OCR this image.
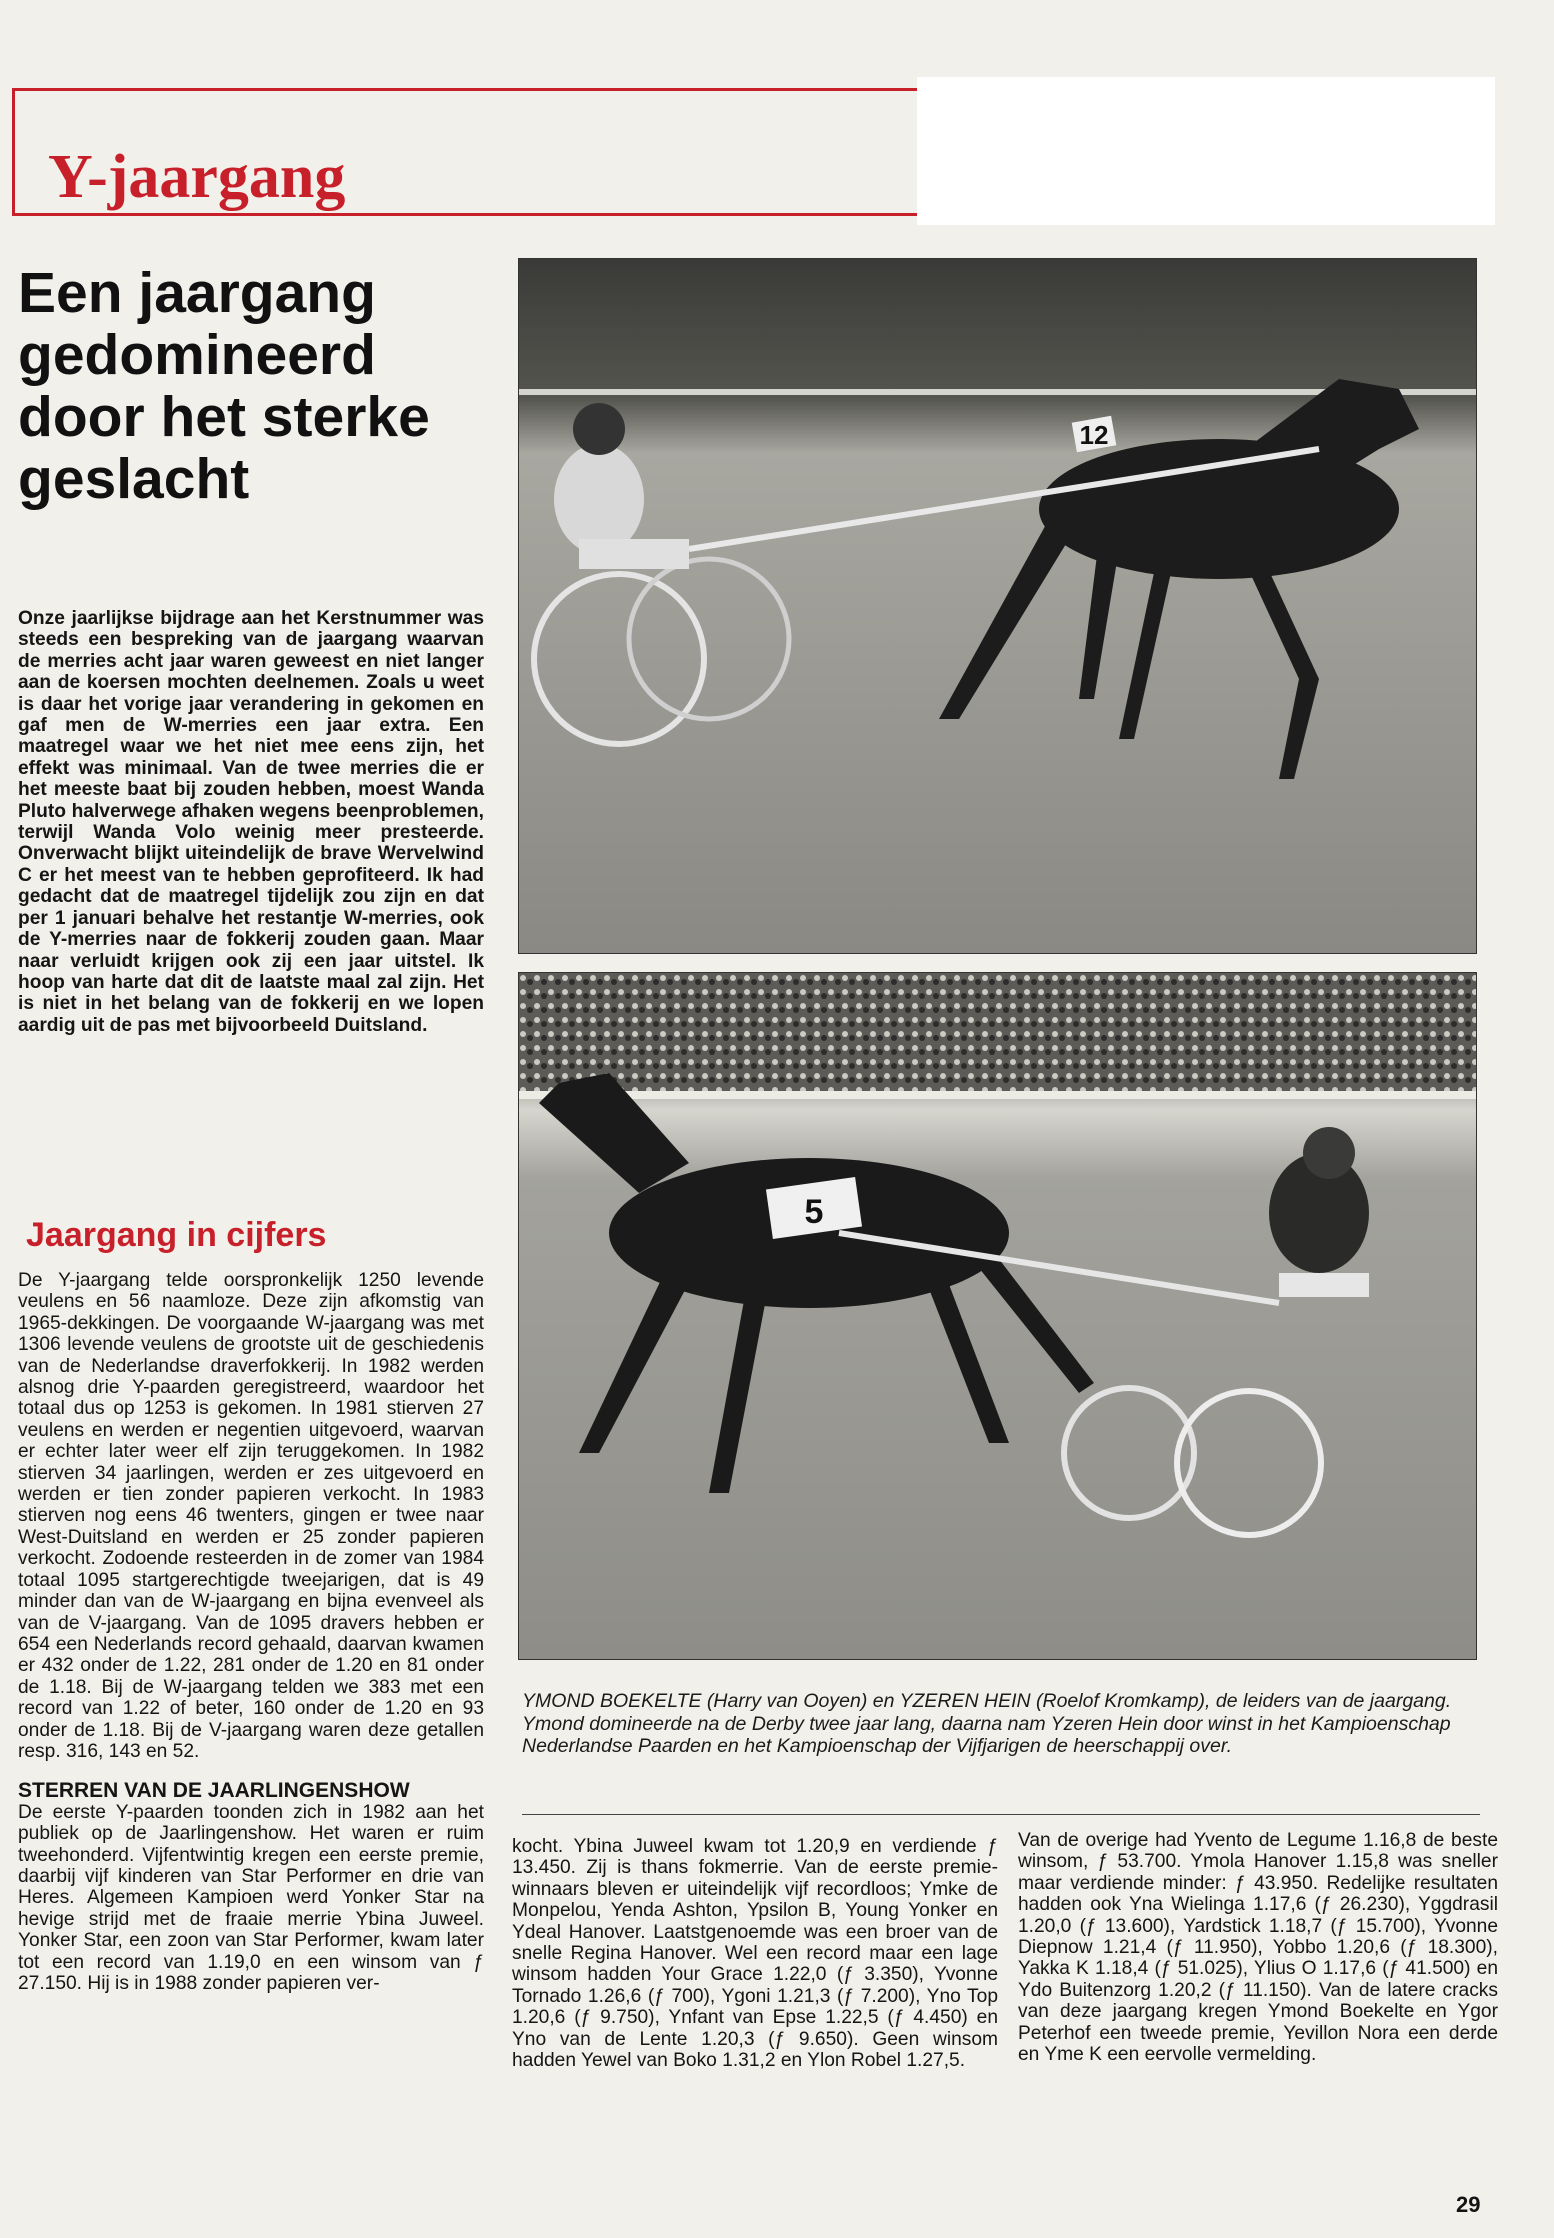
Y-jaargang
Een jaargang gedomineerd door het sterke geslacht

Onze jaarlijkse bijdrage aan het Kerstnummer was steeds een bespreking van de jaargang waarvan de merries acht jaar waren geweest en niet langer aan de koersen mochten deelnemen. Zoals u weet is daar het vorige jaar verandering in gekomen en gaf men de W-merries een jaar extra. Een maatregel waar we het niet mee eens zijn, het effekt was minimaal. Van de twee merries die er het meeste baat bij zouden hebben, moest Wanda Pluto halverwege afhaken wegens beenproblemen, terwijl Wanda Volo weinig meer presteerde. Onverwacht blijkt uiteindelijk de brave Wervelwind C er het meest van te hebben geprofiteerd. Ik had gedacht dat de maatregel tijdelijk zou zijn en dat per 1 januari behalve het restantje W-merries, ook de Y-merries naar de fokkerij zouden gaan. Maar naar verluidt krijgen ook zij een jaar uitstel. Ik hoop van harte dat dit de laatste maal zal zijn. Het is niet in het belang van de fokkerij en we lopen aardig uit de pas met bijvoorbeeld Duitsland.

Jaargang in cijfers

De Y-jaargang telde oorspronkelijk 1250 levende veulens en 56 naamloze. Deze zijn afkomstig van 1965-dekkingen. De voorgaande W-jaargang was met 1306 levende veulens de grootste uit de geschiedenis van de Nederlandse draverfokkerij. In 1982 werden alsnog drie Y-paarden geregistreerd, waardoor het totaal dus op 1253 is gekomen. In 1981 stierven 27 veulens en werden er negentien uitgevoerd, waarvan er echter later weer elf zijn teruggekomen. In 1982 stierven 34 jaarlingen, werden er zes uitgevoerd en werden er tien zonder papieren verkocht. In 1983 stierven nog eens 46 twenters, gingen er twee naar West-Duitsland en werden er 25 zonder papieren verkocht. Zodoende resteerden in de zomer van 1984 totaal 1095 startgerechtigde tweejarigen, dat is 49 minder dan van de W-jaargang en bijna evenveel als van de V-jaargang. Van de 1095 dravers hebben er 654 een Nederlands record gehaald, daarvan kwamen er 432 onder de 1.22, 281 onder de 1.20 en 81 onder de 1.18. Bij de W-jaargang telden we 383 met een record van 1.22 of beter, 160 onder de 1.20 en 93 onder de 1.18. Bij de V-jaargang waren deze getallen resp. 316, 143 en 52.

STERREN VAN DE JAARLINGENSHOW

De eerste Y-paarden toonden zich in 1982 aan het publiek op de Jaarlingenshow. Het waren er ruim tweehonderd. Vijfentwintig kregen een eerste premie, daarbij vijf kinderen van Star Performer en drie van Heres. Algemeen Kampioen werd Yonker Star na hevige strijd met de fraaie merrie Ybina Juweel. Yonker Star, een zoon van Star Performer, kwam later tot een record van 1.19,0 en een winsom van ƒ 27.150. Hij is in 1988 zonder papieren ver-

kocht. Ybina Juweel kwam tot 1.20,9 en verdiende ƒ 13.450. Zij is thans fokmerrie. Van de eerste premie-winnaars bleven er uiteindelijk vijf recordloos; Ymke de Monpelou, Yenda Ashton, Ypsilon B, Young Yonker en Ydeal Hanover. Laatstgenoemde was een broer van de snelle Regina Hanover. Wel een record maar een lage winsom hadden Your Grace 1.22,0 (ƒ 3.350), Yvonne Tornado 1.26,6 (ƒ 700), Ygoni 1.21,3 (ƒ 7.200), Yno Top 1.20,6 (ƒ 9.750), Ynfant van Epse 1.22,5 (ƒ 4.450) en Yno van de Lente 1.20,3 (ƒ 9.650). Geen winsom hadden Yewel van Boko 1.31,2 en Ylon Robel 1.27,5.

Van de overige had Yvento de Legume 1.16,8 de beste winsom, ƒ 53.700. Ymola Hanover 1.15,8 was sneller maar verdiende minder: ƒ 43.950. Redelijke resultaten hadden ook Yna Wielinga 1.17,6 (ƒ 26.230), Yggdrasil 1.20,0 (ƒ 13.600), Yardstick 1.18,7 (ƒ 15.700), Yvonne Diepnow 1.21,4 (ƒ 11.950), Yobbo 1.20,6 (ƒ 18.300), Yakka K 1.18,4 (ƒ 51.025), Ylius O 1.17,6 (ƒ 41.500) en Ydo Buitenzorg 1.20,2 (ƒ 11.150). Van de latere cracks van deze jaargang kregen Ymond Boekelte en Ygor Peterhof een tweede premie, Yevillon Nora een derde en Yme K een eervolle vermelding.

12
5
YMOND BOEKELTE (Harry van Ooyen) en YZEREN HEIN (Roelof Kromkamp), de leiders van de jaargang. Ymond domineerde na de Derby twee jaar lang, daarna nam Yzeren Hein door winst in het Kampioenschap Nederlandse Paarden en het Kampioenschap der Vijfjarigen de heerschappij over.
29
